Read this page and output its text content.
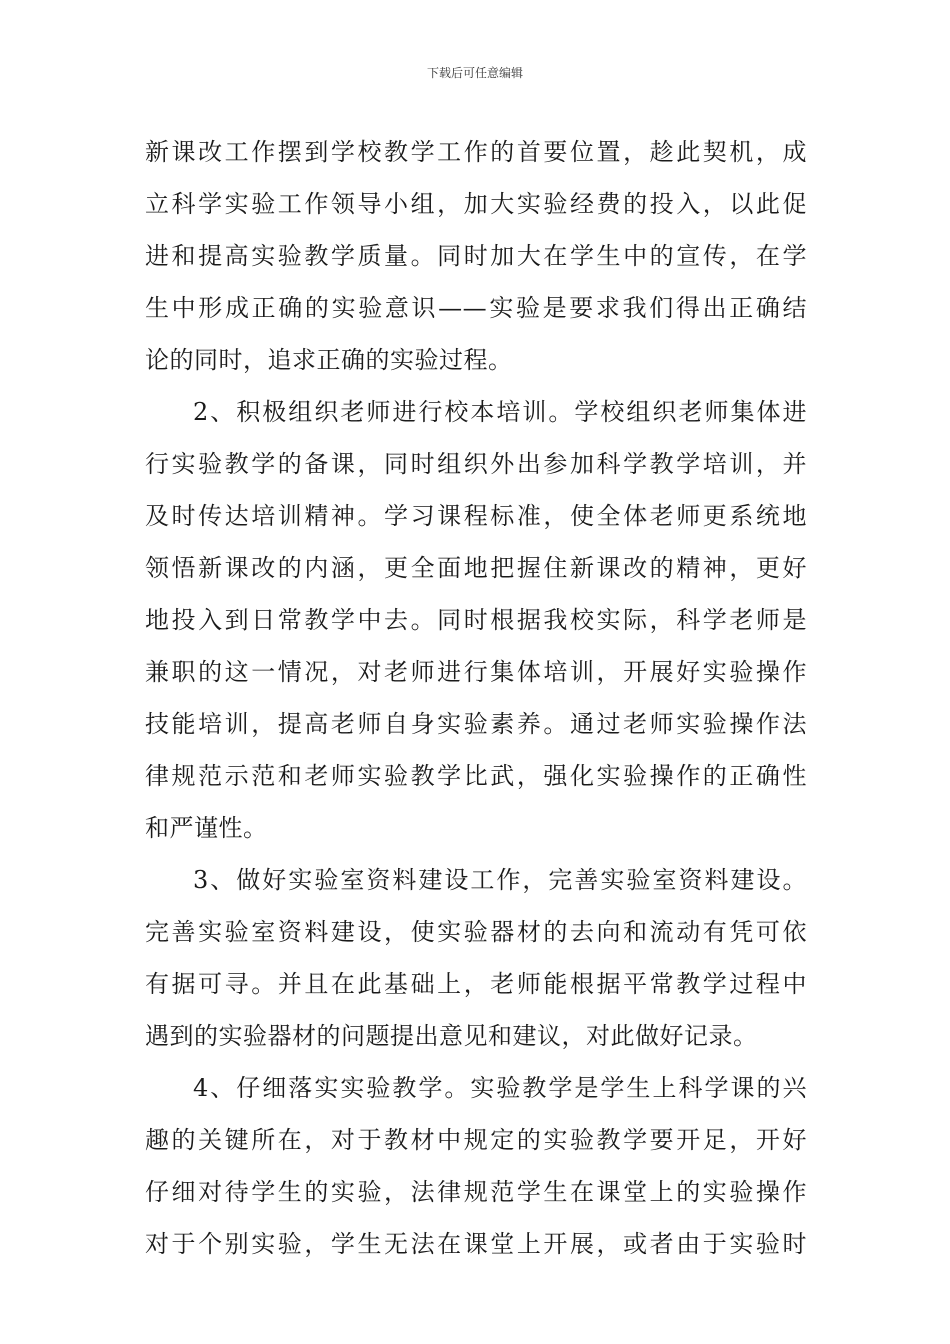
下载后可任意编辑
新课改工作摆到学校教学工作的首要位置，趁此契机，成
立科学实验工作领导小组，加大实验经费的投入，以此促
进和提高实验教学质量。同时加大在学生中的宣传，在学
生中形成正确的实验意识——实验是要求我们得出正确结
论的同时，追求正确的实验过程。
2、积极组织老师进行校本培训。学校组织老师集体进
行实验教学的备课，同时组织外出参加科学教学培训，并
及时传达培训精神。学习课程标准，使全体老师更系统地
领悟新课改的内涵，更全面地把握住新课改的精神，更好
地投入到日常教学中去。同时根据我校实际，科学老师是
兼职的这一情况，对老师进行集体培训，开展好实验操作
技能培训，提高老师自身实验素养。通过老师实验操作法
律规范示范和老师实验教学比武，强化实验操作的正确性
和严谨性。
3、做好实验室资料建设工作，完善实验室资料建设。
完善实验室资料建设，使实验器材的去向和流动有凭可依
有据可寻。并且在此基础上，老师能根据平常教学过程中
遇到的实验器材的问题提出意见和建议，对此做好记录。
4、仔细落实实验教学。实验教学是学生上科学课的兴
趣的关键所在，对于教材中规定的实验教学要开足，开好
仔细对待学生的实验，法律规范学生在课堂上的实验操作
对于个别实验，学生无法在课堂上开展，或者由于实验时
